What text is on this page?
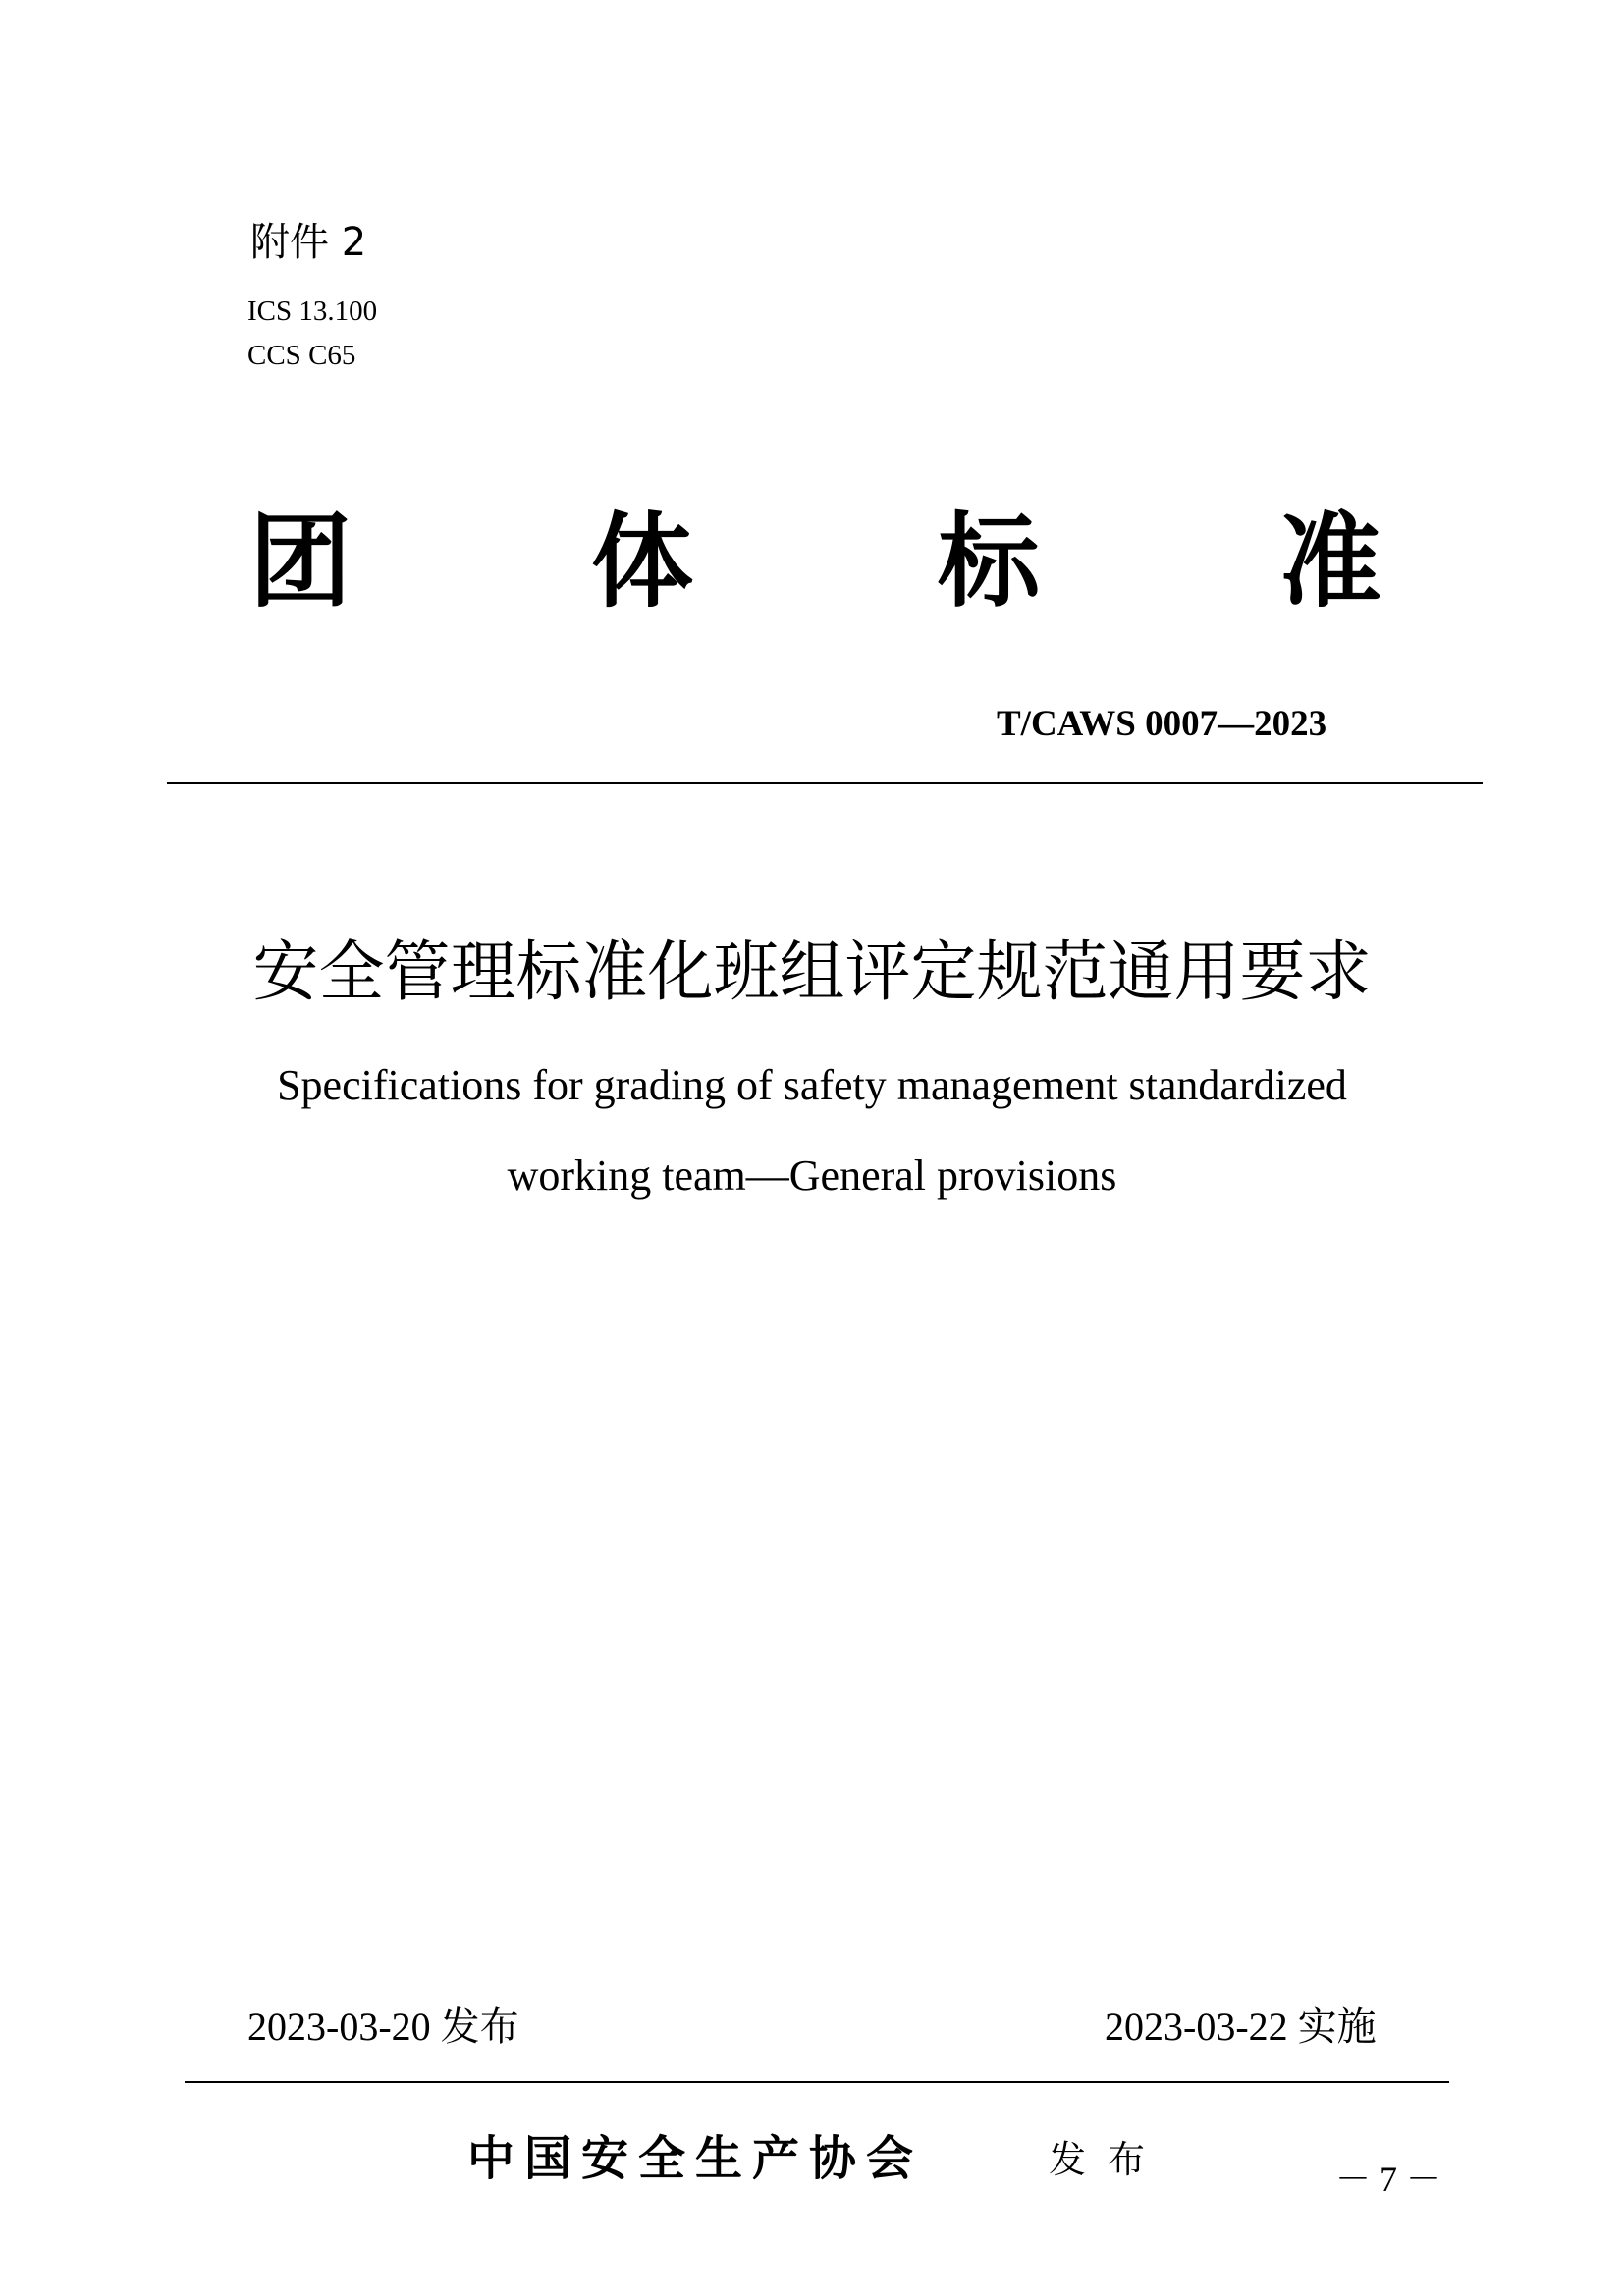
附件 2
ICS 13.100
CCS C65
团 体 标 准
T/CAWS 0007—2023
安全管理标准化班组评定规范通用要求
Specifications for grading of safety management standardized
working team—General provisions
2023-03-20 发布	2023-03-22 实施
中国安全生产协会	发布	－ 7 －
